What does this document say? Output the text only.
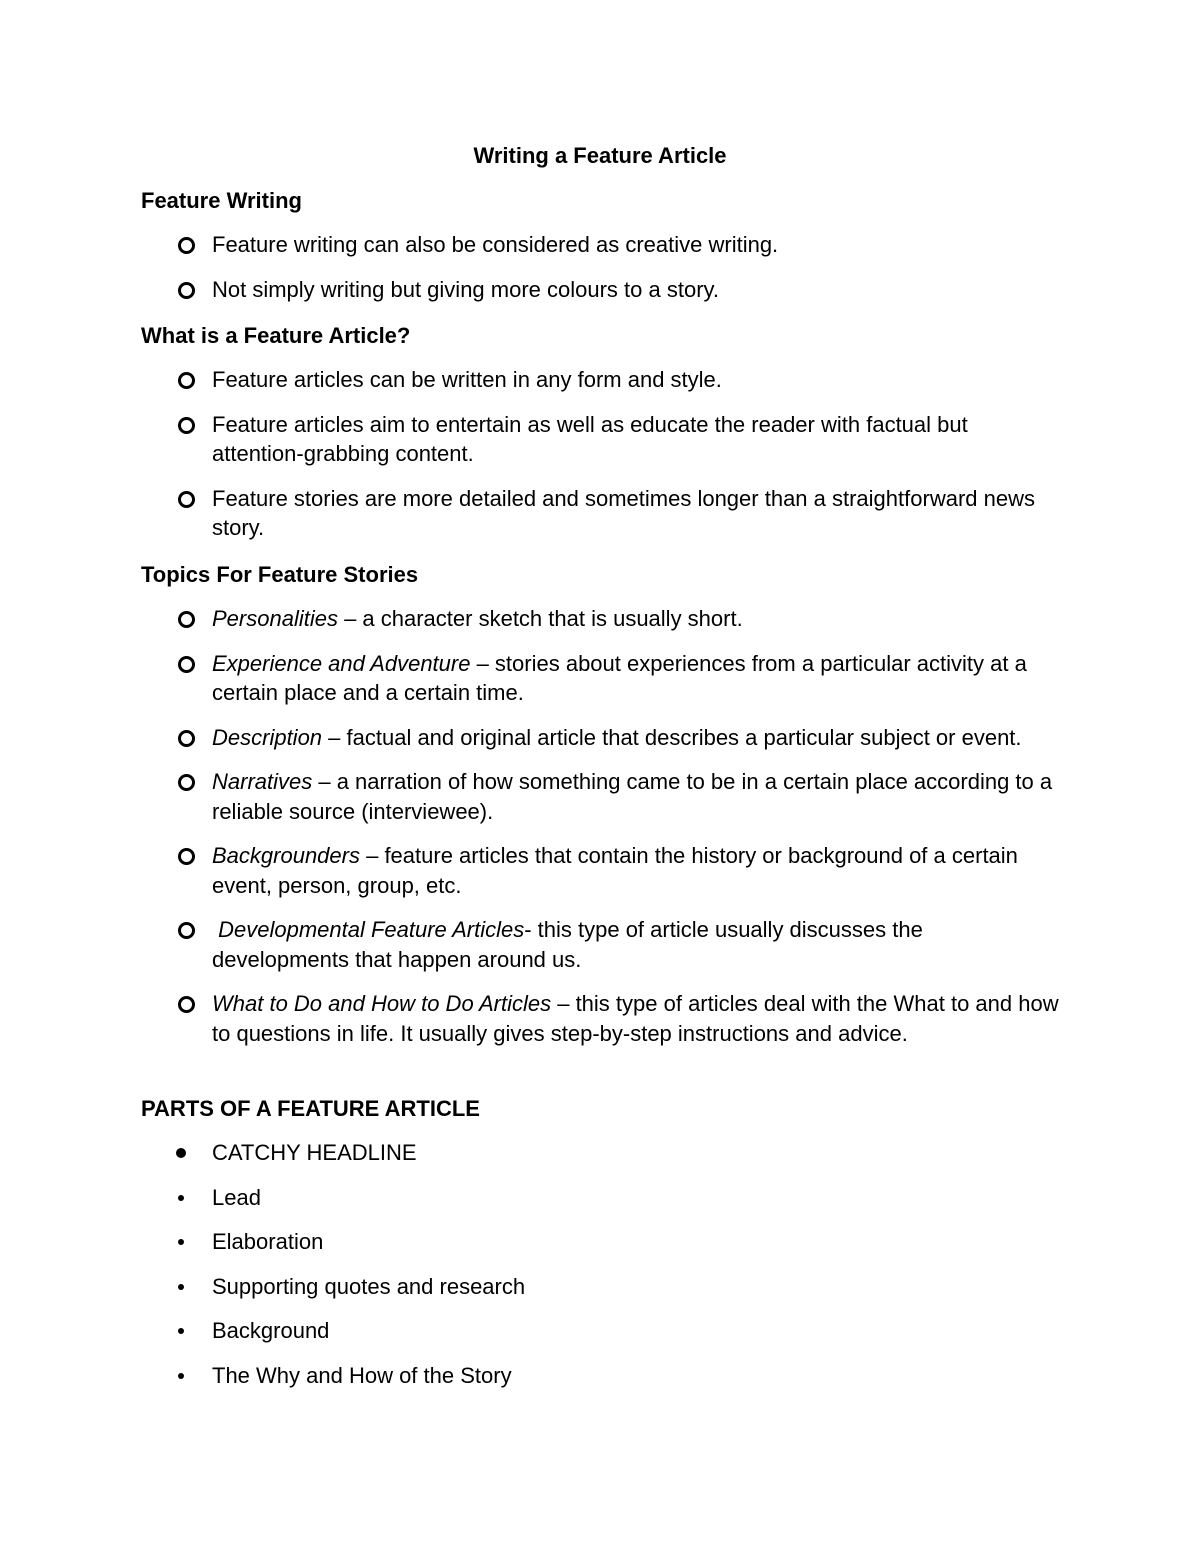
Writing a Feature Article
Feature Writing
Feature writing can also be considered as creative writing.
Not simply writing but giving more colours to a story.
What is a Feature Article?
Feature articles can be written in any form and style.
Feature articles aim to entertain as well as educate the reader with factual but attention-grabbing content.
Feature stories are more detailed and sometimes longer than a straightforward news story.
Topics For Feature Stories
Personalities – a character sketch that is usually short.
Experience and Adventure – stories about experiences from a particular activity at a certain place and a certain time.
Description – factual and original article that describes a particular subject or event.
Narratives – a narration of how something came to be in a certain place according to a reliable source (interviewee).
Backgrounders – feature articles that contain the history or background of a certain event, person, group, etc.
Developmental Feature Articles- this type of article usually discusses the developments that happen around us.
What to Do and How to Do Articles – this type of articles deal with the What to and how to questions in life. It usually gives step-by-step instructions and advice.
PARTS OF A FEATURE ARTICLE
CATCHY HEADLINE
Lead
Elaboration
Supporting quotes and research
Background
The Why and How of the Story
